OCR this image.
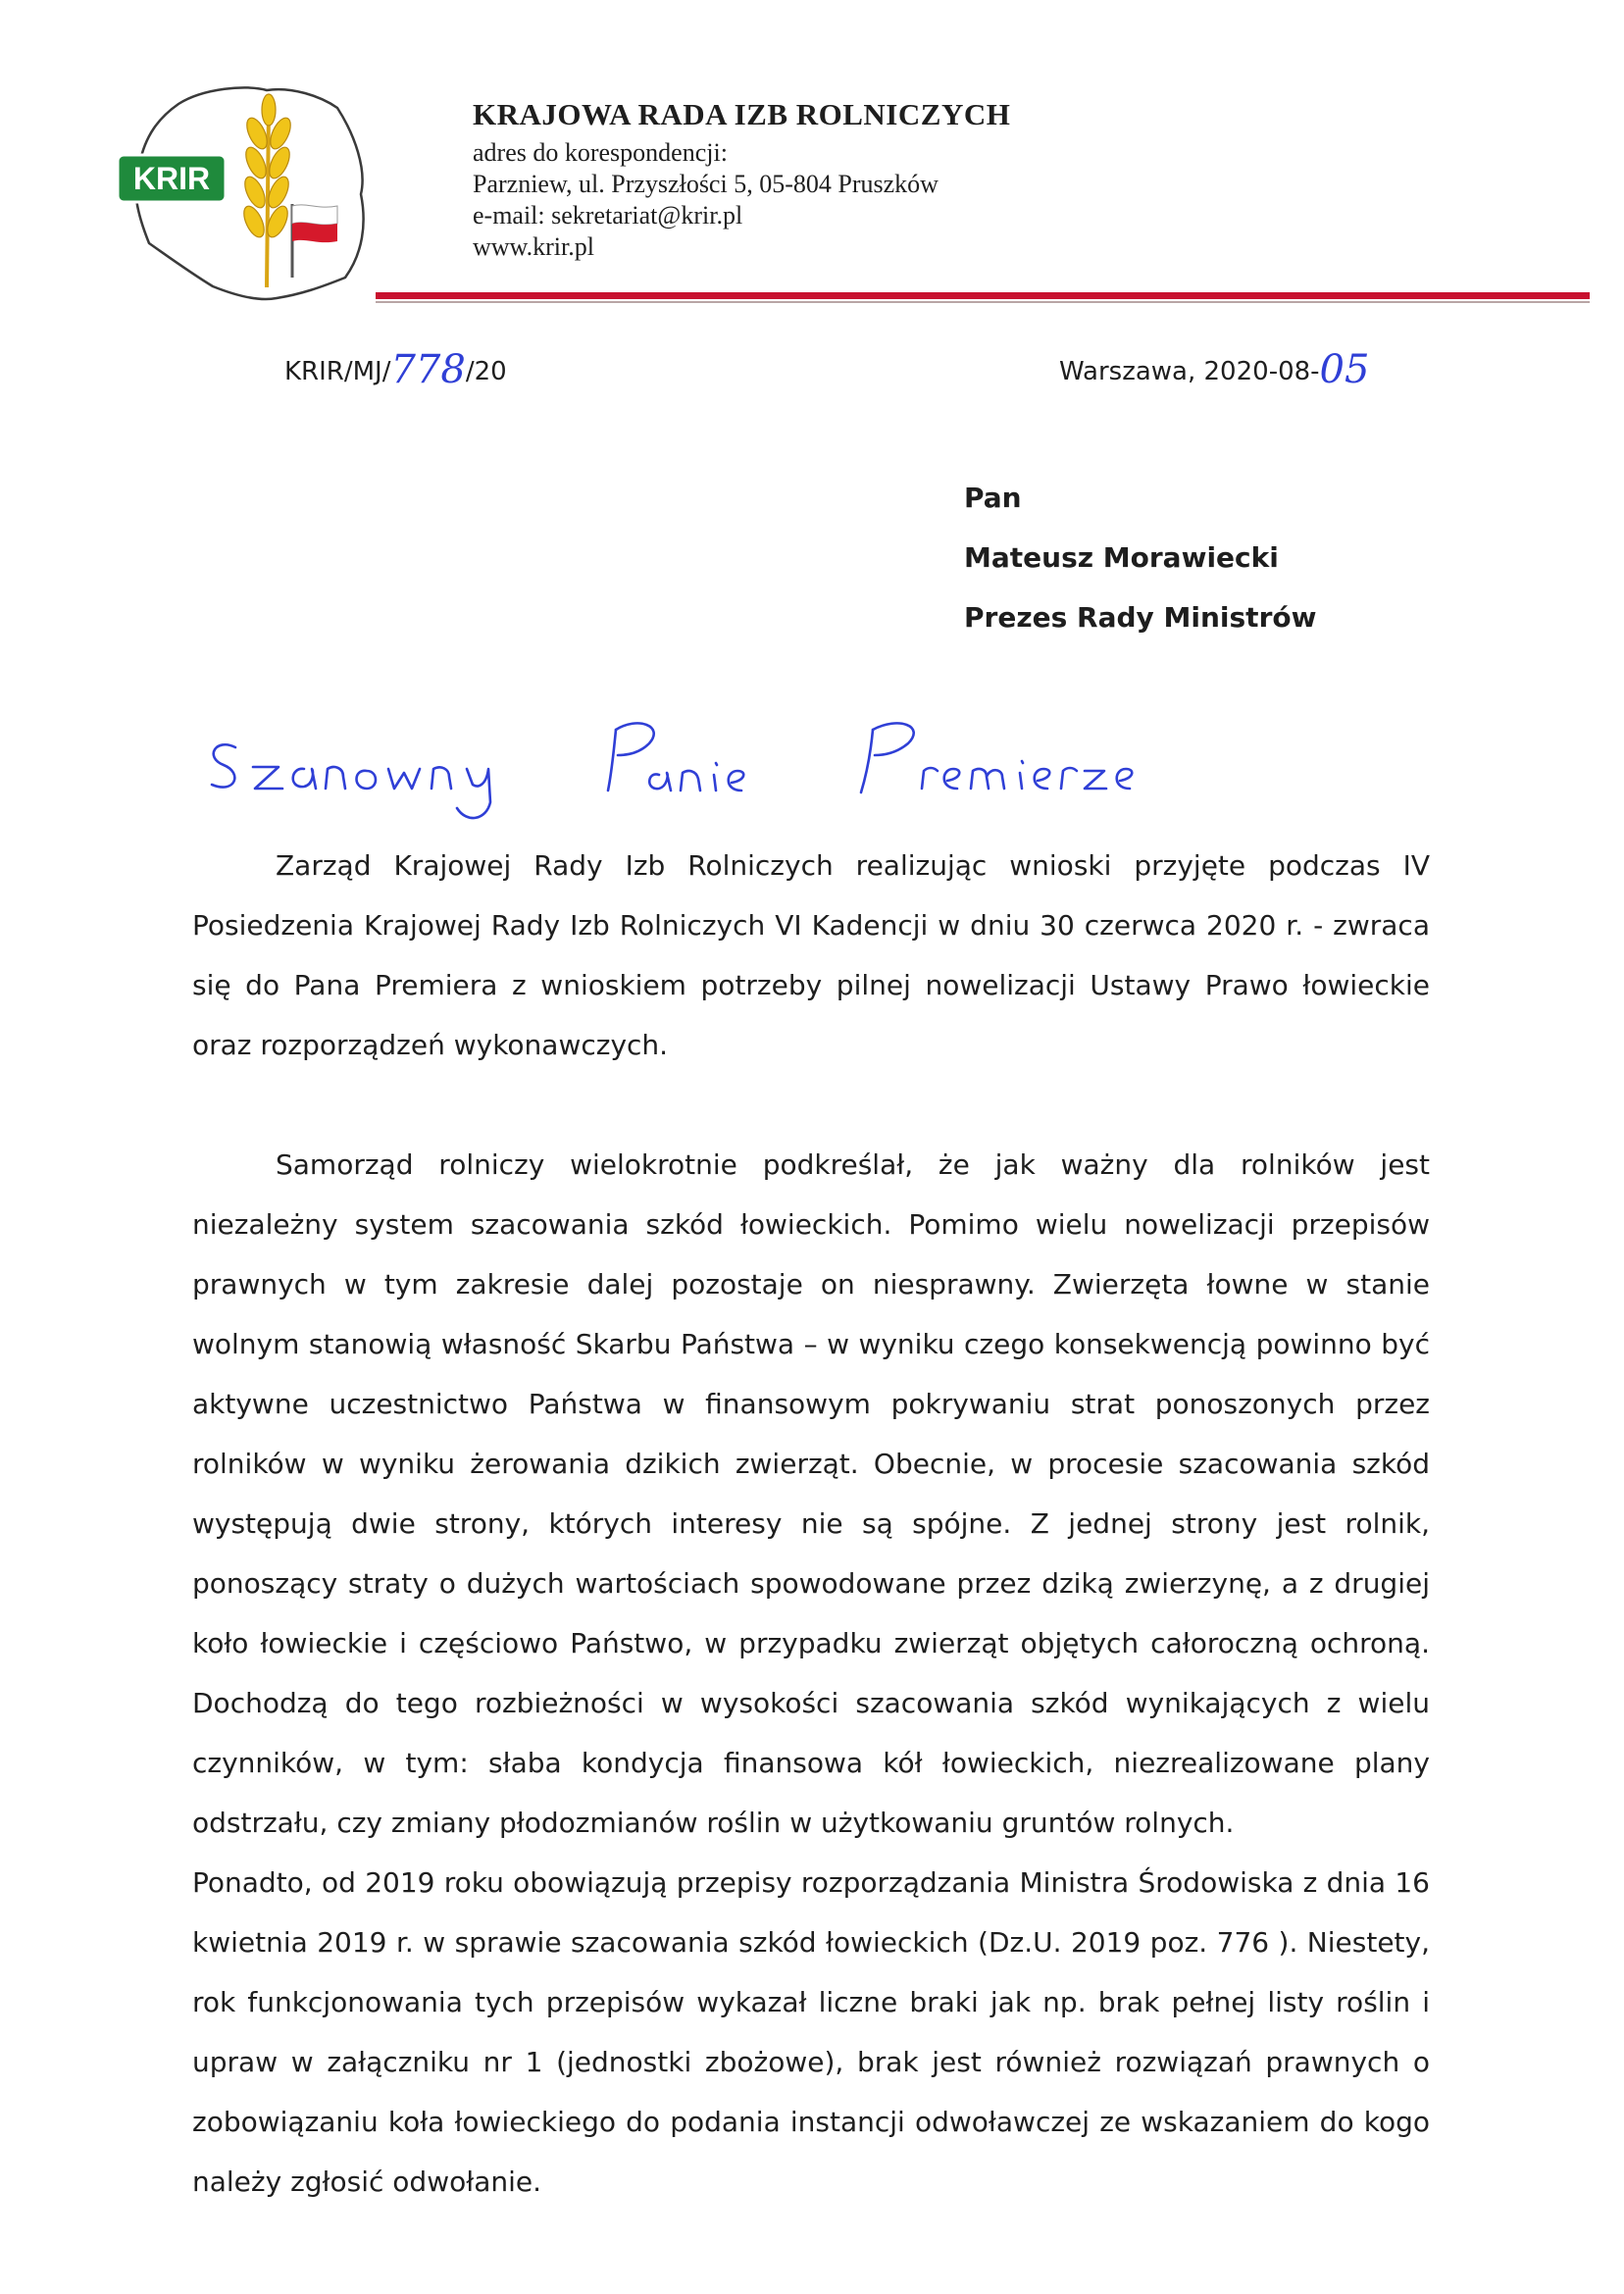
KRIR
KRAJOWA RADA IZB ROLNICZYCH
adres do korespondencji:
Parzniew, ul. Przyszłości 5, 05-804 Pruszków
e-mail: sekretariat@krir.pl
www.krir.pl
KRIR/MJ/778/20	Warszawa, 2020-08-05
Pan
Mateusz Morawiecki
Prezes Rady Ministrów

Zarząd Krajowej Rady Izb Rolniczych realizując wnioski przyjęte podczas IV Posiedzenia Krajowej Rady Izb Rolniczych VI Kadencji w dniu 30 czerwca 2020 r. - zwraca się do Pana Premiera z wnioskiem potrzeby pilnej nowelizacji Ustawy Prawo łowieckie oraz rozporządzeń wykonawczych.

Samorząd rolniczy wielokrotnie podkreślał, że jak ważny dla rolników jest niezależny system szacowania szkód łowieckich. Pomimo wielu nowelizacji przepisów prawnych w tym zakresie dalej pozostaje on niesprawny. Zwierzęta łowne w stanie wolnym stanowią własność Skarbu Państwa – w wyniku czego konsekwencją powinno być aktywne uczestnictwo Państwa w finansowym pokrywaniu strat ponoszonych przez rolników w wyniku żerowania dzikich zwierząt. Obecnie, w procesie szacowania szkód występują dwie strony, których interesy nie są spójne. Z jednej strony jest rolnik, ponoszący straty o dużych wartościach spowodowane przez dziką zwierzynę, a z drugiej koło łowieckie i częściowo Państwo, w przypadku zwierząt objętych całoroczną ochroną. Dochodzą do tego rozbieżności w wysokości szacowania szkód wynikających z wielu czynników, w tym: słaba kondycja finansowa kół łowieckich, niezrealizowane plany odstrzału, czy zmiany płodozmianów roślin w użytkowaniu gruntów rolnych.

Ponadto, od 2019 roku obowiązują przepisy rozporządzania Ministra Środowiska z dnia 16 kwietnia 2019 r. w sprawie szacowania szkód łowieckich (Dz.U. 2019 poz. 776 ). Niestety, rok funkcjonowania tych przepisów wykazał liczne braki jak np. brak pełnej listy roślin i upraw w załączniku nr 1 (jednostki zbożowe), brak jest również rozwiązań prawnych o zobowiązaniu koła łowieckiego do podania instancji odwoławczej ze wskazaniem do kogo należy zgłosić odwołanie.
